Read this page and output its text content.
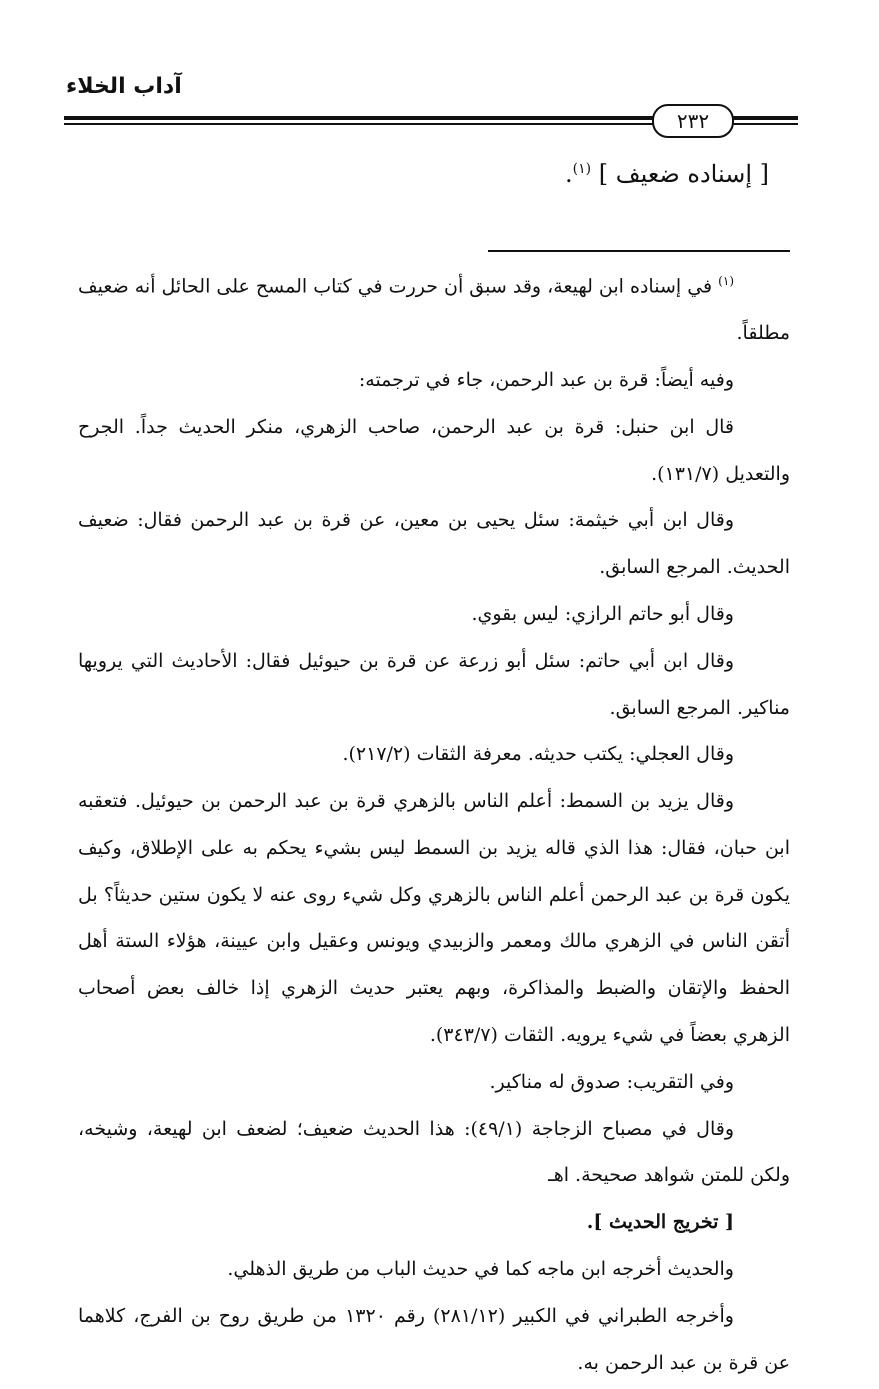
آداب الخلاء
٢٣٢
[ إسناده ضعيف ] $^{(١)}$.

$^{(١)}$ في إسناده ابن لهيعة، وقد سبق أن حررت في كتاب المسح على الحائل أنه ضعيف مطلقاً.

وفيه أيضاً: قرة بن عبد الرحمن، جاء في ترجمته:

قال ابن حنبل: قرة بن عبد الرحمن، صاحب الزهري، منكر الحديث جداً. الجرح والتعديل (١٣١/٧).

وقال ابن أبي خيثمة: سئل يحيى بن معين، عن قرة بن عبد الرحمن فقال: ضعيف الحديث. المرجع السابق.

وقال أبو حاتم الرازي: ليس بقوي.

وقال ابن أبي حاتم: سئل أبو زرعة عن قرة بن حيوئيل فقال: الأحاديث التي يرويها مناكير. المرجع السابق.

وقال العجلي: يكتب حديثه. معرفة الثقات (٢١٧/٢).

وقال يزيد بن السمط: أعلم الناس بالزهري قرة بن عبد الرحمن بن حيوئيل. فتعقبه ابن حبان، فقال: هذا الذي قاله يزيد بن السمط ليس بشيء يحكم به على الإطلاق، وكيف يكون قرة بن عبد الرحمن أعلم الناس بالزهري وكل شيء روى عنه لا يكون ستين حديثاً؟ بل أتقن الناس في الزهري مالك ومعمر والزبيدي ويونس وعقيل وابن عيينة، هؤلاء الستة أهل الحفظ والإتقان والضبط والمذاكرة، وبهم يعتبر حديث الزهري إذا خالف بعض أصحاب الزهري بعضاً في شيء يرويه. الثقات (٣٤٣/٧).

وفي التقريب: صدوق له مناكير.

وقال في مصباح الزجاجة (٤٩/١): هذا الحديث ضعيف؛ لضعف ابن لهيعة، وشيخه، ولكن للمتن شواهد صحيحة. اهـ

[ تخريج الحديث ].

والحديث أخرجه ابن ماجه كما في حديث الباب من طريق الذهلي.

وأخرجه الطبراني في الكبير (٢٨١/١٢) رقم ١٣٢٠ من طريق روح بن الفرج، كلاهما عن قرة بن عبد الرحمن به.
